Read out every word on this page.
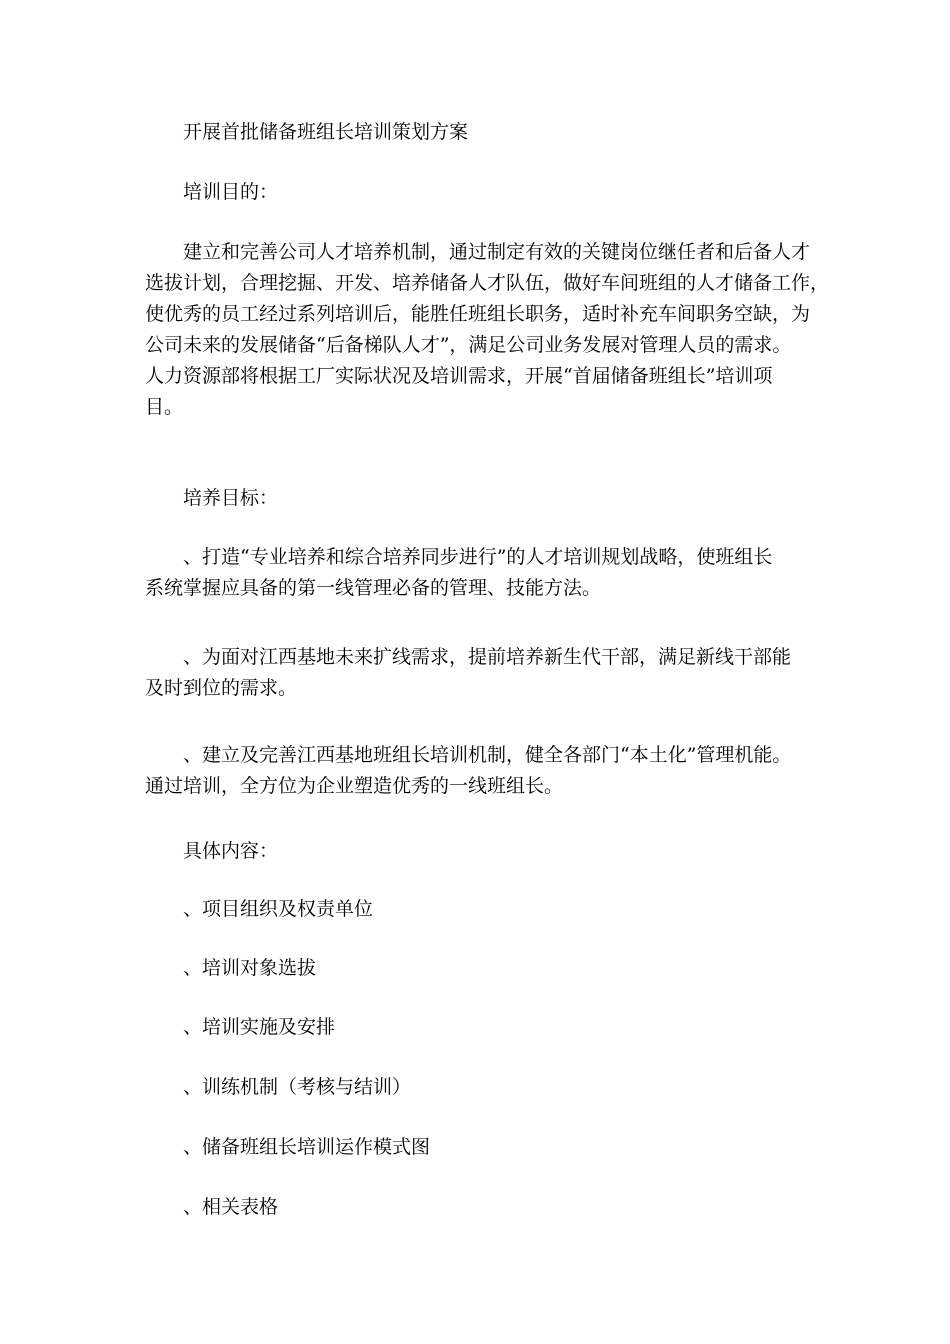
开展首批储备班组长培训策划方案

培训目的：

建立和完善公司人才培养机制，通过制定有效的关键岗位继任者和后备人才
选拔计划，合理挖掘、开发、培养储备人才队伍，做好车间班组的人才储备工作，
使优秀的员工经过系列培训后，能胜任班组长职务，适时补充车间职务空缺，为
公司未来的发展储备“后备梯队人才”，满足公司业务发展对管理人员的需求。
人力资源部将根据工厂实际状况及培训需求，开展“首届储备班组长”培训项
目。

培养目标：

、打造“专业培养和综合培养同步进行”的人才培训规划战略，使班组长
系统掌握应具备的第一线管理必备的管理、技能方法。

、为面对江西基地未来扩线需求，提前培养新生代干部，满足新线干部能
及时到位的需求。

、建立及完善江西基地班组长培训机制，健全各部门“本土化”管理机能。
通过培训，全方位为企业塑造优秀的一线班组长。

具体内容：

、项目组织及权责单位

、培训对象选拔

、培训实施及安排

、训练机制（考核与结训）

、储备班组长培训运作模式图

、相关表格
